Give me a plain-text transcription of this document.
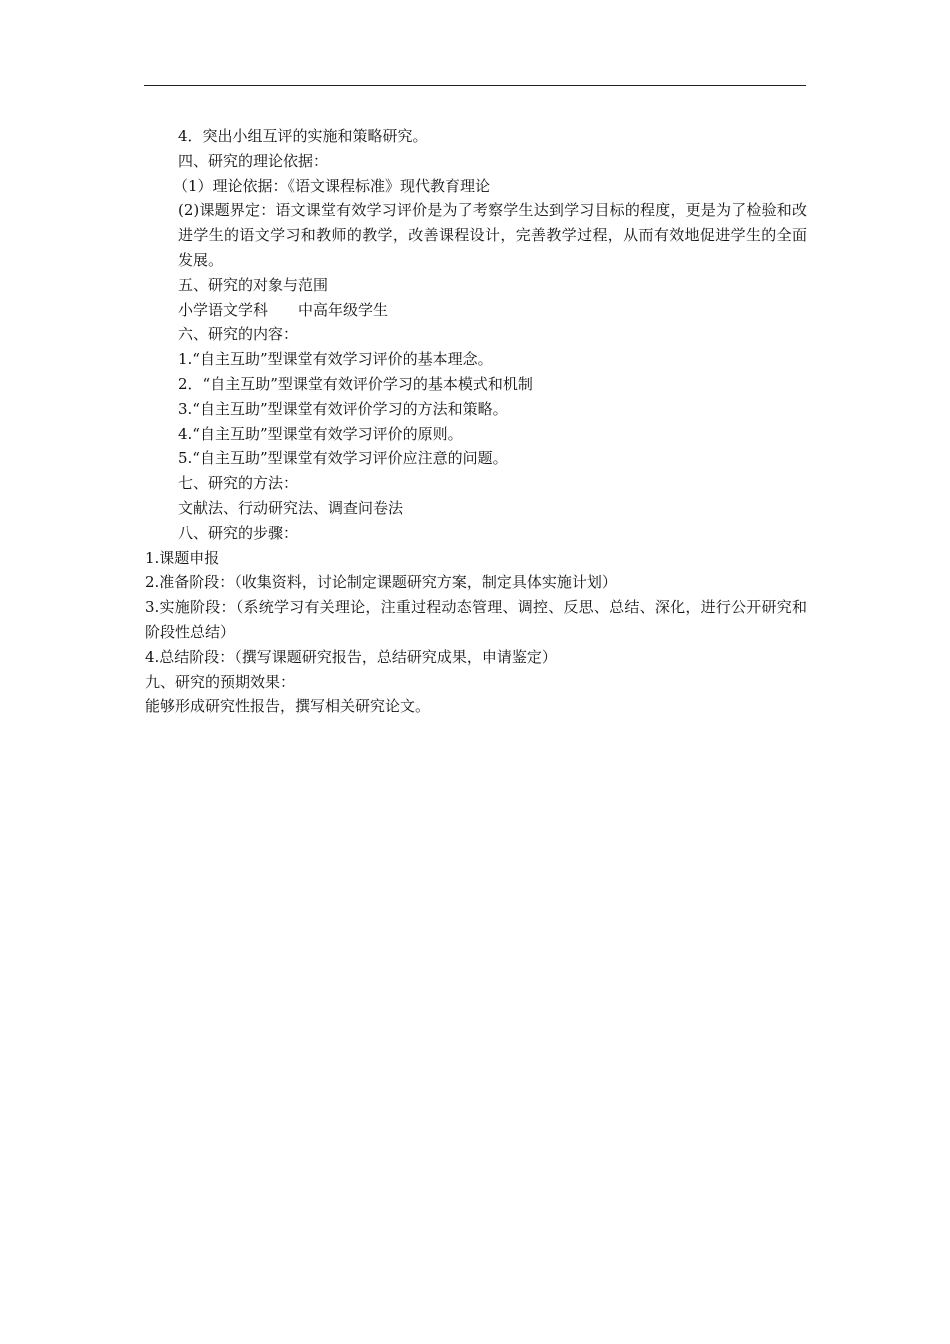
4．突出小组互评的实施和策略研究。

四、研究的理论依据：

（1）理论依据：《语文课程标准》现代教育理论

(2)课题界定：语文课堂有效学习评价是为了考察学生达到学习目标的程度，更是为了检验和改进学生的语文学习和教师的教学，改善课程设计，完善教学过程，从而有效地促进学生的全面发展。

五、研究的对象与范围

小学语文学科 中高年级学生

六、研究的内容：

1.“自主互助”型课堂有效学习评价的基本理念。

2．“自主互助”型课堂有效评价学习的基本模式和机制

3.“自主互助”型课堂有效评价学习的方法和策略。

4.“自主互助”型课堂有效学习评价的原则。

5.“自主互助”型课堂有效学习评价应注意的问题。

七、研究的方法：

文献法、行动研究法、调查问卷法

八、研究的步骤：

1.课题申报

2.准备阶段：（收集资料，讨论制定课题研究方案，制定具体实施计划）

3.实施阶段：（系统学习有关理论，注重过程动态管理、调控、反思、总结、深化，进行公开研究和阶段性总结）

4.总结阶段：（撰写课题研究报告，总结研究成果，申请鉴定）

九、研究的预期效果：

能够形成研究性报告，撰写相关研究论文。
